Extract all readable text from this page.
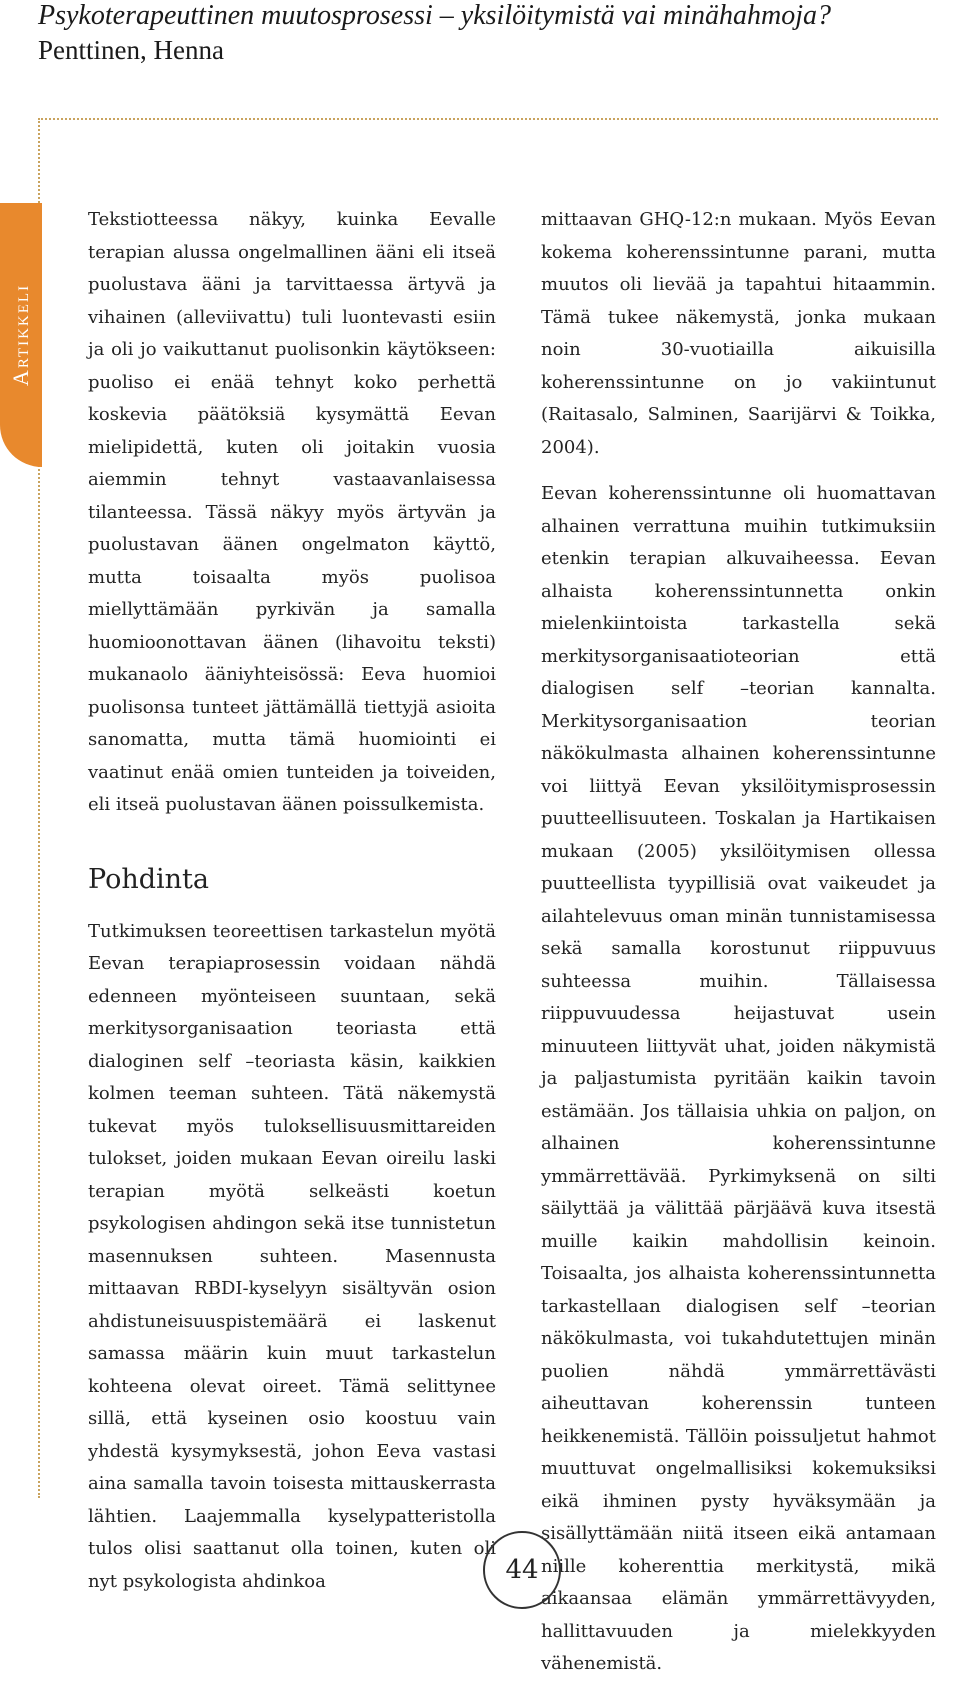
Psykoterapeuttinen muutosprosessi – yksilöitymistä vai minähahmoja?
Penttinen, Henna
Artikkeli

Tekstiotteessa näkyy, kuinka Eevalle terapian alussa ongelmallinen ääni eli itseä puolustava ääni ja tarvittaessa ärtyvä ja vihainen (alleviivattu) tuli luontevasti esiin ja oli jo vaikuttanut puolisonkin käytökseen: puoliso ei enää tehnyt koko perhettä koskevia päätöksiä kysymättä Eevan mielipidettä, kuten oli joitakin vuosia aiemmin tehnyt vastaavanlaisessa tilanteessa. Tässä näkyy myös ärtyvän ja puolustavan äänen ongelmaton käyttö, mutta toisaalta myös puolisoa miellyttämään pyrkivän ja samalla huomioonottavan äänen (lihavoitu teksti) mukanaolo ääniyhteisössä: Eeva huomioi puolisonsa tunteet jättämällä tiettyjä asioita sanomatta, mutta tämä huomiointi ei vaatinut enää omien tunteiden ja toiveiden, eli itseä puolustavan äänen poissulkemista.

Pohdinta

Tutkimuksen teoreettisen tarkastelun myötä Eevan terapiaprosessin voidaan nähdä edenneen myönteiseen suuntaan, sekä merkitysorganisaation teoriasta että dialoginen self –teoriasta käsin, kaikkien kolmen teeman suhteen. Tätä näkemystä tukevat myös tuloksellisuusmittareiden tulokset, joiden mukaan Eevan oireilu laski terapian myötä selkeästi koetun psykologisen ahdingon sekä itse tunnistetun masennuksen suhteen. Masennusta mittaavan RBDI-kyselyyn sisältyvän osion ahdistuneisuuspistemäärä ei laskenut samassa määrin kuin muut tarkastelun kohteena olevat oireet. Tämä selittynee sillä, että kyseinen osio koostuu vain yhdestä kysymyksestä, johon Eeva vastasi aina samalla tavoin toisesta mittauskerrasta lähtien. Laajemmalla kyselypatteristolla tulos olisi saattanut olla toinen, kuten oli nyt psykologista ahdinkoa

mittaavan GHQ-12:n mukaan. Myös Eevan kokema koherenssintunne parani, mutta muutos oli lievää ja tapahtui hitaammin. Tämä tukee näkemystä, jonka mukaan noin 30-vuotiailla aikuisilla koherenssintunne on jo vakiintunut (Raitasalo, Salminen, Saarijärvi & Toikka, 2004).

Eevan koherenssintunne oli huomattavan alhainen verrattuna muihin tutkimuksiin etenkin terapian alkuvaiheessa. Eevan alhaista koherenssintunnetta onkin mielenkiintoista tarkastella sekä merkitysorganisaatioteorian että dialogisen self –teorian kannalta. Merkitysorganisaation teorian näkökulmasta alhainen koherenssintunne voi liittyä Eevan yksilöitymisprosessin puutteellisuuteen. Toskalan ja Hartikaisen mukaan (2005) yksilöitymisen ollessa puutteellista tyypillisiä ovat vaikeudet ja ailahtelevuus oman minän tunnistamisessa sekä samalla korostunut riippuvuus suhteessa muihin. Tällaisessa riippuvuudessa heijastuvat usein minuuteen liittyvät uhat, joiden näkymistä ja paljastumista pyritään kaikin tavoin estämään. Jos tällaisia uhkia on paljon, on alhainen koherenssintunne ymmärrettävää. Pyrkimyksenä on silti säilyttää ja välittää pärjäävä kuva itsestä muille kaikin mahdollisin keinoin. Toisaalta, jos alhaista koherenssintunnetta tarkastellaan dialogisen self –teorian näkökulmasta, voi tukahdutettujen minän puolien nähdä ymmärrettävästi aiheuttavan koherenssin tunteen heikkenemistä. Tällöin poissuljetut hahmot muuttuvat ongelmallisiksi kokemuksiksi eikä ihminen pysty hyväksymään ja sisällyttämään niitä itseen eikä antamaan niille koherenttia merkitystä, mikä aikaansaa elämän ymmärrettävyyden, hallittavuuden ja mielekkyyden vähenemistä.

44
